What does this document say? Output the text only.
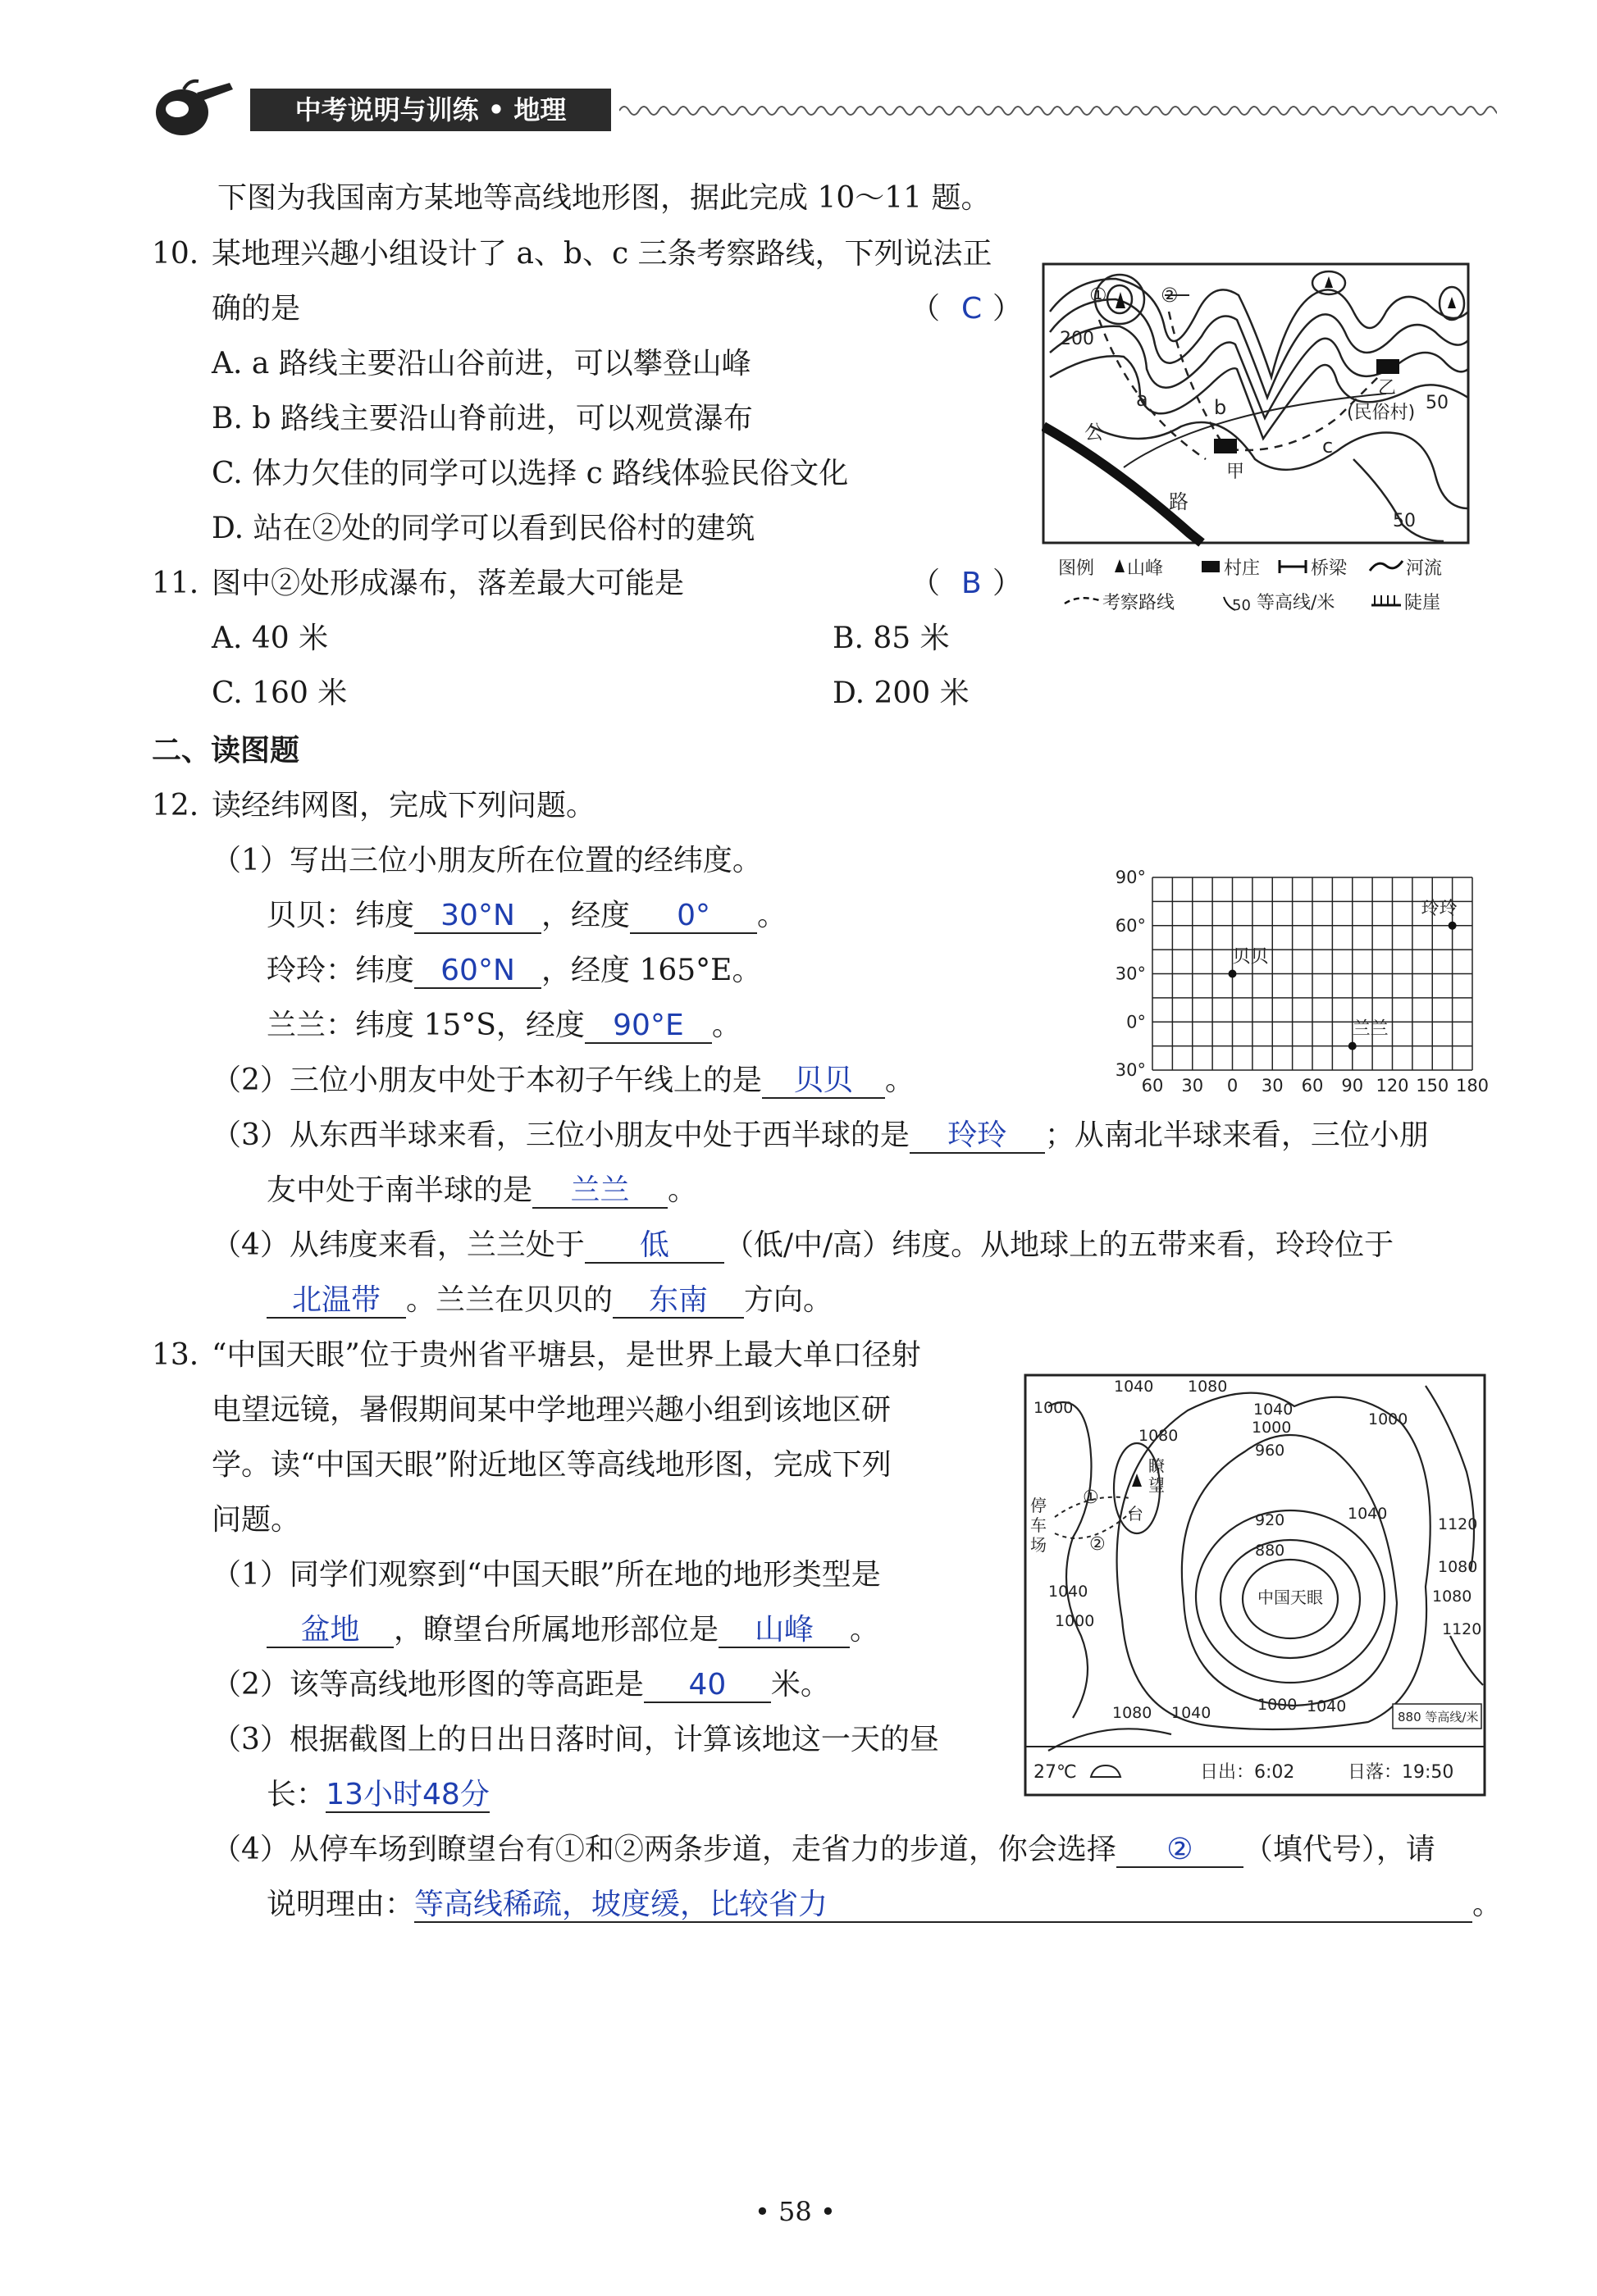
中考说明与训练 • 地理
下图为我国南方某地等高线地形图，据此完成 10～11 题。
10. 某地理兴趣小组设计了 a、b、c 三条考察路线，下列说法正
确的是	（ C ）
A. a 路线主要沿山谷前进，可以攀登山峰
B. b 路线主要沿山脊前进，可以观赏瀑布
C. 体力欠佳的同学可以选择 c 路线体验民俗文化
D. 站在②处的同学可以看到民俗村的建筑
11. 图中②处形成瀑布，落差最大可能是	（ B ）
A. 40 米	B. 85 米
C. 160 米	D. 200 米
①	②
200
a	b
c
甲
乙
(民俗村) 50
50
公
路
图例 山峰	村庄	桥梁	河流
考察路线	50 等高线/米	陡崖
二、读图题
12. 读经纬网图，完成下列问题。
（1）写出三位小朋友所在位置的经纬度。
贝贝：纬度 30°N ，经度 0° 。
玲玲：纬度 60°N ，经度 165°E。
兰兰：纬度 15°S，经度 90°E 。
（2）三位小朋友中处于本初子午线上的是 贝贝 。
（3）从东西半球来看，三位小朋友中处于西半球的是 玲玲 ；从南北半球来看，三位小朋
友中处于南半球的是 兰兰 。
（4）从纬度来看，兰兰处于 低 （低/中/高）纬度。从地球上的五带来看，玲玲位于
北温带 。兰兰在贝贝的 东南 方向。
90°
60°
30°
0°
30°
60 30 0 30 60 90 120 150 180
贝贝
玲玲
兰兰
13. “中国天眼”位于贵州省平塘县，是世界上最大单口径射
电望远镜，暑假期间某中学地理兴趣小组到该地区研
学。读“中国天眼”附近地区等高线地形图，完成下列
问题。
（1）同学们观察到“中国天眼”所在地的地形类型是
盆地 ，瞭望台所属地形部位是 山峰 。
（2）该等高线地形图的等高距是 40 米。
（3）根据截图上的日出日落时间，计算该地这一天的昼
长：13小时48分
（4）从停车场到瞭望台有①和②两条步道，走省力的步道，你会选择 ② （填代号），请
说明理由：等高线稀疏，坡度缓，比较省力	。
1040 1080
1000
1000
1080
1040
1000
960
920
880
1040
1120
1080
1080
1120
1040
1000
1080 1040	1000 1040
中国天眼
瞭
望
台
停
车
场
①
②
880 等高线/米
27℃	日出：6:02	日落：19:50
• 58 •
